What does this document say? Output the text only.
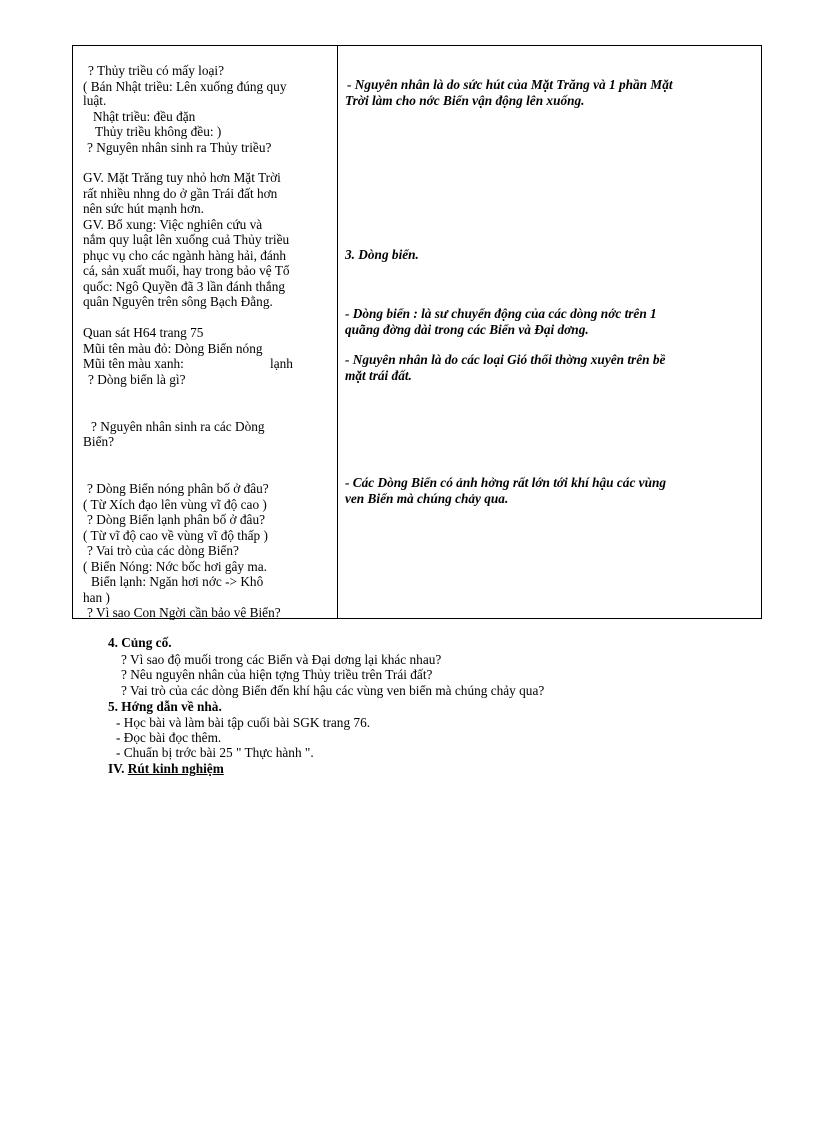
? Thủy triều có mấy loại?
( Bán Nhật triều: Lên xuống đúng quy
luật.
Nhật triều: đều đặn
Thủy triều không đều: )
? Nguyên nhân sinh ra Thủy triều?
GV. Mặt Trăng tuy nhỏ hơn Mặt Trời
rất nhiều nhng do ở gần Trái đất hơn
nên sức hút mạnh hơn.
GV. Bổ xung: Việc nghiên cứu và
nắm quy luật lên xuống cuả Thủy triều
phục vụ cho các ngành hàng hải, đánh
cá, sản xuất muối, hay trong bảo vệ Tổ
quốc: Ngô Quyền đã 3 lần đánh thắng
quân Nguyên trên sông Bạch Đằng.
Quan sát H64 trang 75
Mũi tên màu đỏ: Dòng Biển nóng
Mũi tên màu xanh:	lạnh
? Dòng biển là gì?
? Nguyên nhân sinh ra các Dòng
Biển?
? Dòng Biển nóng phân bố ở đâu?
( Từ Xích đạo lên vùng vĩ độ cao )
? Dòng Biển lạnh phân bố ở đâu?
( Từ vĩ độ cao về vùng vĩ độ thấp )
? Vai trò của các dòng Biển?
( Biển Nóng: Nớc bốc hơi gây ma.
Biển lạnh: Ngăn hơi nớc -> Khô
han )
? Vì sao Con Ngời cần bảo vệ Biển?
- Nguyên nhân là do sức hút của Mặt Trăng và 1 phần Mặt
Trời làm cho nớc Biển vận động lên xuống.
3. Dòng biển.
- Dòng biển : là sư chuyển động của các dòng nớc trên 1
quãng đờng dài trong các Biển và Đại dơng.
- Nguyên nhân là do các loại Gió thổi thờng xuyên trên bề
mặt trái đất.
- Các Dòng Biển có ảnh hởng rất lớn tới khí hậu các vùng
ven Biển mà chúng chảy qua.
4. Củng cố.
? Vì sao độ muối trong các Biển và Đại dơng lại khác nhau?
? Nêu nguyên nhân của hiện tợng Thủy triều trên Trái đất?
? Vai trò của các dòng Biển đến khí hậu các vùng ven biển mà chúng chảy qua?
5. Hớng dẫn về nhà.
- Học bài và làm bài tập cuối bài SGK trang 76.
- Đọc bài đọc thêm.
- Chuẩn bị trớc bài 25 " Thực hành ".
IV. Rút kinh nghiệm
